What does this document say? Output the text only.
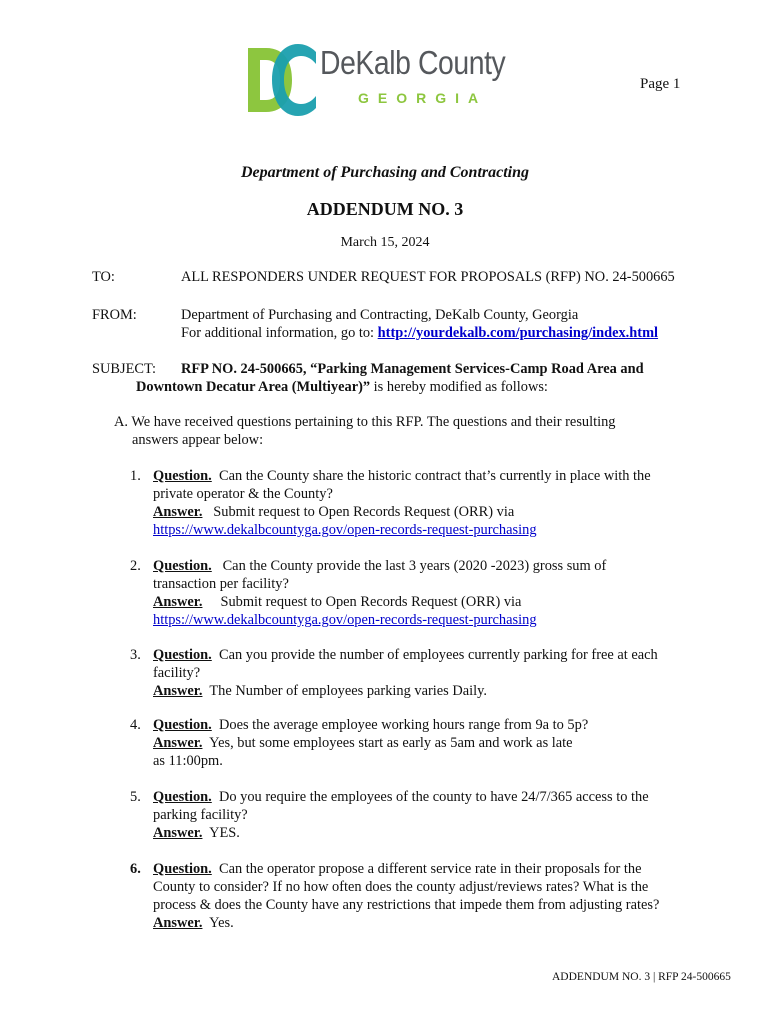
DeKalb County
GEORGIA
Page 1
Department of Purchasing and Contracting
ADDENDUM NO. 3
March 15, 2024
TO:	ALL RESPONDERS UNDER REQUEST FOR PROPOSALS (RFP) NO. 24-500665
FROM:	Department of Purchasing and Contracting, DeKalb County, Georgia
For additional information, go to: http://yourdekalb.com/purchasing/index.html
SUBJECT: RFP NO. 24-500665, “Parking Management Services-Camp Road Area and
Downtown Decatur Area (Multiyear)” is hereby modified as follows:
A. We have received questions pertaining to this RFP. The questions and their resulting
answers appear below:
1. Question. Can the County share the historic contract that’s currently in place with the
private operator & the County?
Answer. Submit request to Open Records Request (ORR) via
https://www.dekalbcountyga.gov/open-records-request-purchasing
2. Question. Can the County provide the last 3 years (2020 -2023) gross sum of
transaction per facility?
Answer. Submit request to Open Records Request (ORR) via
https://www.dekalbcountyga.gov/open-records-request-purchasing
3. Question. Can you provide the number of employees currently parking for free at each
facility?
Answer. The Number of employees parking varies Daily.
4. Question. Does the average employee working hours range from 9a to 5p?
Answer. Yes, but some employees start as early as 5am and work as late
as 11:00pm.
5. Question. Do you require the employees of the county to have 24/7/365 access to the
parking facility?
Answer. YES.
6. Question. Can the operator propose a different service rate in their proposals for the
County to consider? If no how often does the county adjust/reviews rates? What is the
process & does the County have any restrictions that impede them from adjusting rates?
Answer. Yes.
ADDENDUM NO. 3 | RFP 24-500665
